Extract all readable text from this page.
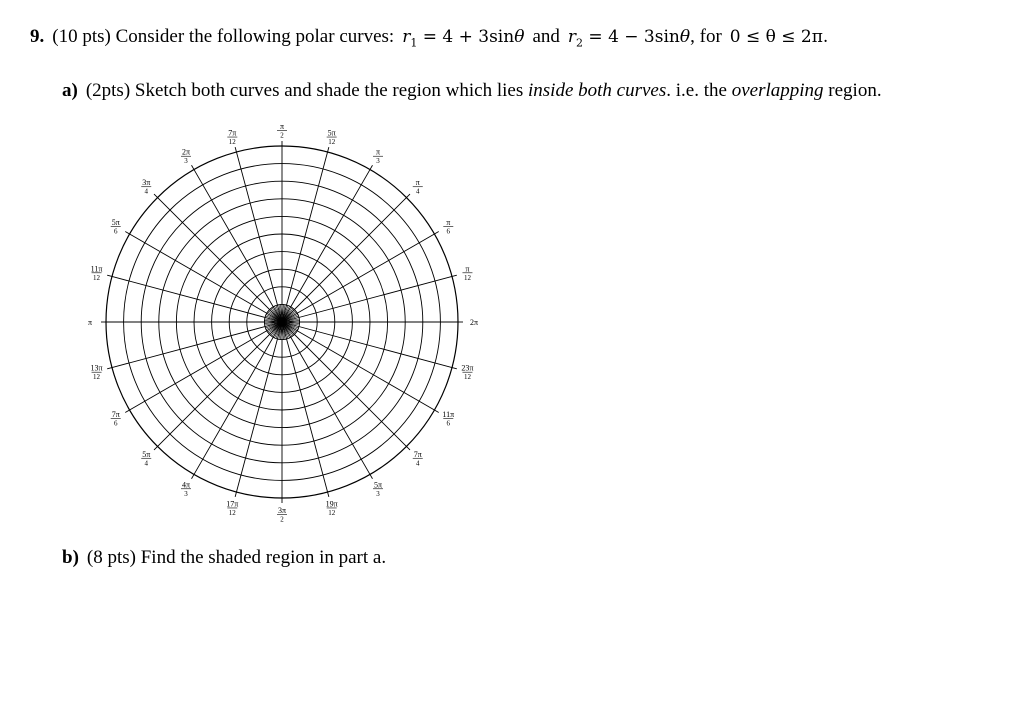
9. (10 pts) Consider the following polar curves: $r_1 = 4 + 3\sin\theta$ and $r_2 = 4 - 3\sin\theta$, for 0 ≤ θ ≤ 2π.
a) (2pts) Sketch both curves and shade the region which lies inside both curves. i.e. the overlapping region.
2π
π
12
π
6
π
4
π
3
5π
12
π
2
7π
12
2π
3
3π
4
5π
6
11π
12
π
13π
12
7π
6
5π
4
4π
3
17π
12	3π
2
19π
12
5π
3
7π
4
11π
6
23π
12
b) (8 pts) Find the shaded region in part a.
